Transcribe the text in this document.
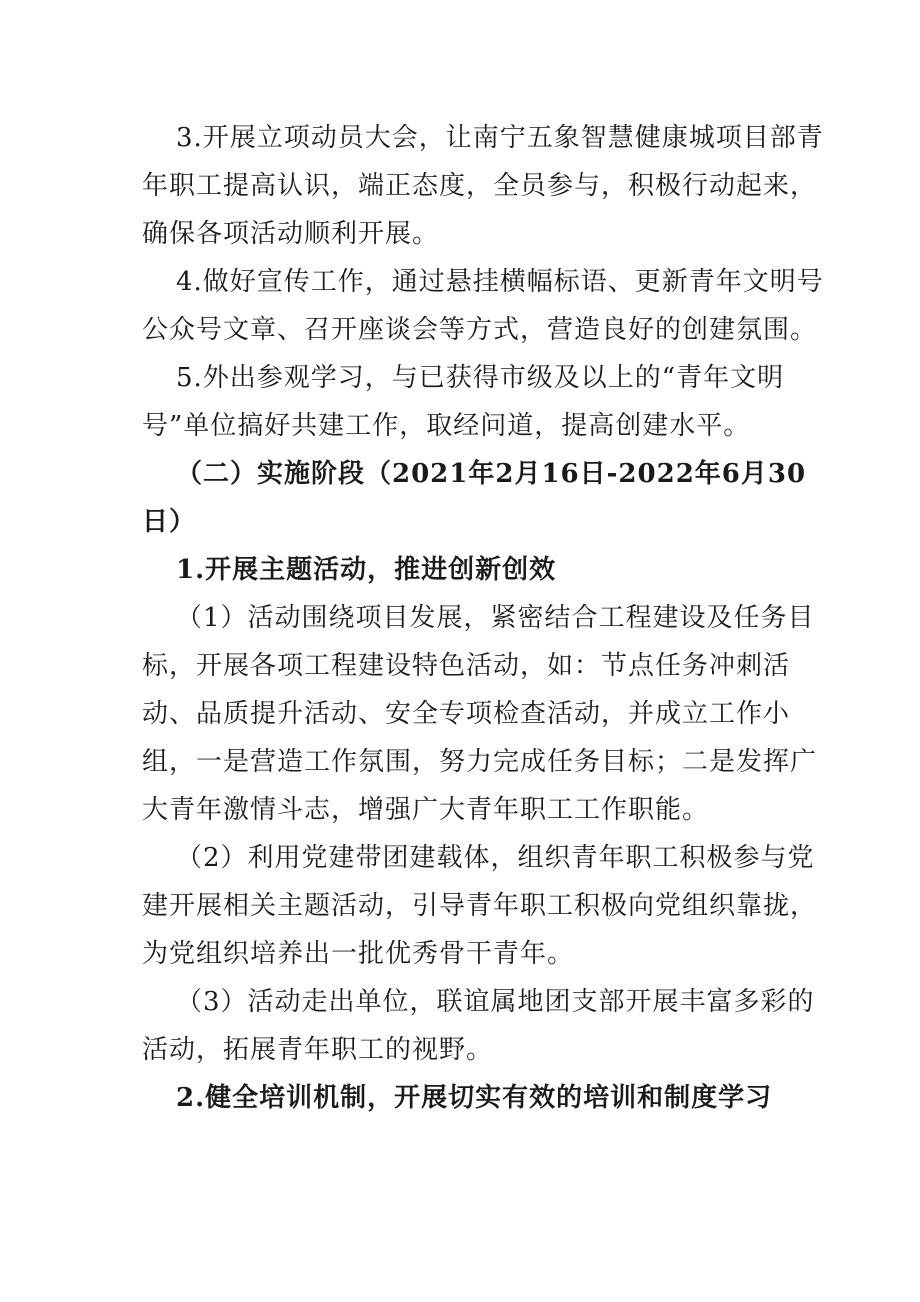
3.开展立项动员大会，让南宁五象智慧健康城项目部青
年职工提高认识，端正态度，全员参与，积极行动起来，
确保各项活动顺利开展。
4.做好宣传工作，通过悬挂横幅标语、更新青年文明号
公众号文章、召开座谈会等方式，营造良好的创建氛围。
5.外出参观学习，与已获得市级及以上的“青年文明
号”单位搞好共建工作，取经问道，提高创建水平。
（二）实施阶段（2021年2月16日-2022年6月30
日）
1.开展主题活动，推进创新创效
（1）活动围绕项目发展，紧密结合工程建设及任务目
标，开展各项工程建设特色活动，如：节点任务冲刺活
动、品质提升活动、安全专项检查活动，并成立工作小
组，一是营造工作氛围，努力完成任务目标；二是发挥广
大青年激情斗志，增强广大青年职工工作职能。
（2）利用党建带团建载体，组织青年职工积极参与党
建开展相关主题活动，引导青年职工积极向党组织靠拢，
为党组织培养出一批优秀骨干青年。
（3）活动走出单位，联谊属地团支部开展丰富多彩的
活动，拓展青年职工的视野。
2.健全培训机制，开展切实有效的培训和制度学习
